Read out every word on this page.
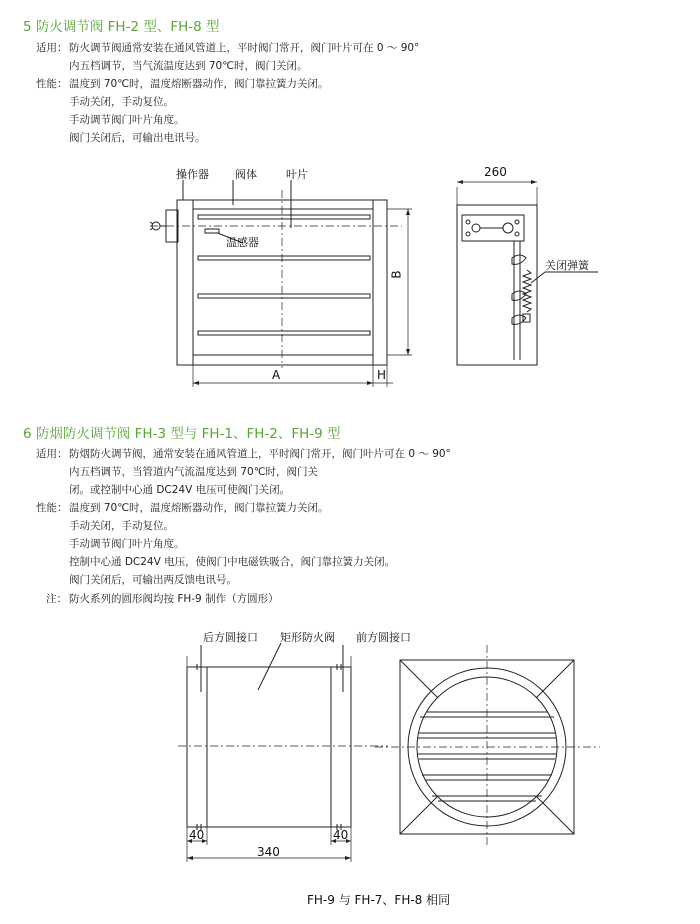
5 防火调节阀 FH-2 型、FH-8 型
适用： 防火调节阀通常安装在通风管道上，平时阀门常开，阀门叶片可在 0 ～ 90°
内五档调节，当气流温度达到 70℃时，阀门关闭。
性能： 温度到 70℃时，温度熔断器动作，阀门靠拉簧力关闭。
手动关闭，手动复位。
手动调节阀门叶片角度。
阀门关闭后，可输出电讯号。
操作器 阀体	叶片
温感器
关闭弹簧
260
A	H
B
6 防烟防火调节阀 FH-3 型与 FH-1、FH-2、FH-9 型
适用： 防烟防火调节阀，通常安装在通风管道上，平时阀门常开，阀门叶片可在 0 ～ 90°
内五档调节，当管道内气流温度达到 70℃时，阀门关
闭。或控制中心通 DC24V 电压可使阀门关闭。
性能： 温度到 70℃时，温度熔断器动作，阀门靠拉簧力关闭。
手动关闭，手动复位。
手动调节阀门叶片角度。
控制中心通 DC24V 电压，使阀门中电磁铁吸合，阀门靠拉簧力关闭。
阀门关闭后，可输出两反馈电讯号。
注： 防火系列的圆形阀均按 FH-9 制作（方圆形）
后方圆接口 矩形防火阀 前方圆接口
40	40
340
FH-9 与 FH-7、FH-8 相同
